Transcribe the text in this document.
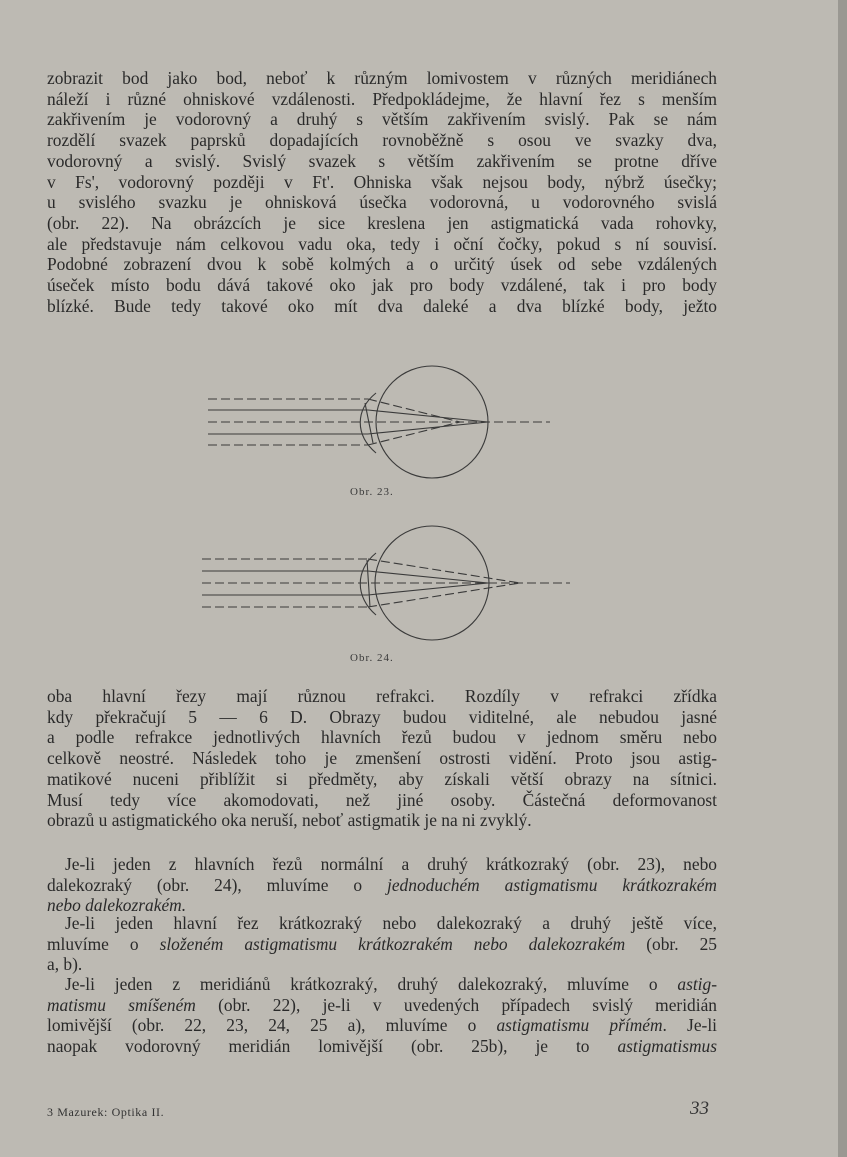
zobrazit bod jako bod, neboť k různým lomivostem v různých meridiánech
náleží i různé ohniskové vzdálenosti. Předpokládejme, že hlavní řez s menším
zakřivením je vodorovný a druhý s větším zakřivením svislý. Pak se nám
rozdělí svazek paprsků dopadajících rovnoběžně s osou ve svazky dva,
vodorovný a svislý. Svislý svazek s větším zakřivením se protne dříve
v Fs', vodorovný později v Ft'. Ohniska však nejsou body, nýbrž úsečky;
u svislého svazku je ohnisková úsečka vodorovná, u vodorovného svislá
(obr. 22). Na obrázcích je sice kreslena jen astigmatická vada rohovky,
ale představuje nám celkovou vadu oka, tedy i oční čočky, pokud s ní souvisí.
Podobné zobrazení dvou k sobě kolmých a o určitý úsek od sebe vzdálených
úseček místo bodu dává takové oko jak pro body vzdálené, tak i pro body
blízké. Bude tedy takové oko mít dva daleké a dva blízké body, ježto
Obr. 23.
Obr. 24.
oba hlavní řezy mají různou refrakci. Rozdíly v refrakci zřídka
kdy překračují 5 — 6 D. Obrazy budou viditelné, ale nebudou jasné
a podle refrakce jednotlivých hlavních řezů budou v jednom směru nebo
celkově neostré. Následek toho je zmenšení ostrosti vidění. Proto jsou astig-
matikové nuceni přiblížit si předměty, aby získali větší obrazy na sítnici.
Musí tedy více akomodovati, než jiné osoby. Částečná deformovanost
obrazů u astigmatického oka neruší, neboť astigmatik je na ni zvyklý.
Je-li jeden z hlavních řezů normální a druhý krátkozraký (obr. 23), nebo
dalekozraký (obr. 24), mluvíme o jednoduchém astigmatismu krátkozrakém
nebo dalekozrakém.
Je-li jeden hlavní řez krátkozraký nebo dalekozraký a druhý ještě více,
mluvíme o složeném astigmatismu krátkozrakém nebo dalekozrakém (obr. 25
a, b).
Je-li jeden z meridiánů krátkozraký, druhý dalekozraký, mluvíme o astig-
matismu smíšeném (obr. 22), je-li v uvedených případech svislý meridián
lomivější (obr. 22, 23, 24, 25 a), mluvíme o astigmatismu přímém. Je-li
naopak vodorovný meridián lomivější (obr. 25b), je to astigmatismus
3 Mazurek: Optika II.	33
